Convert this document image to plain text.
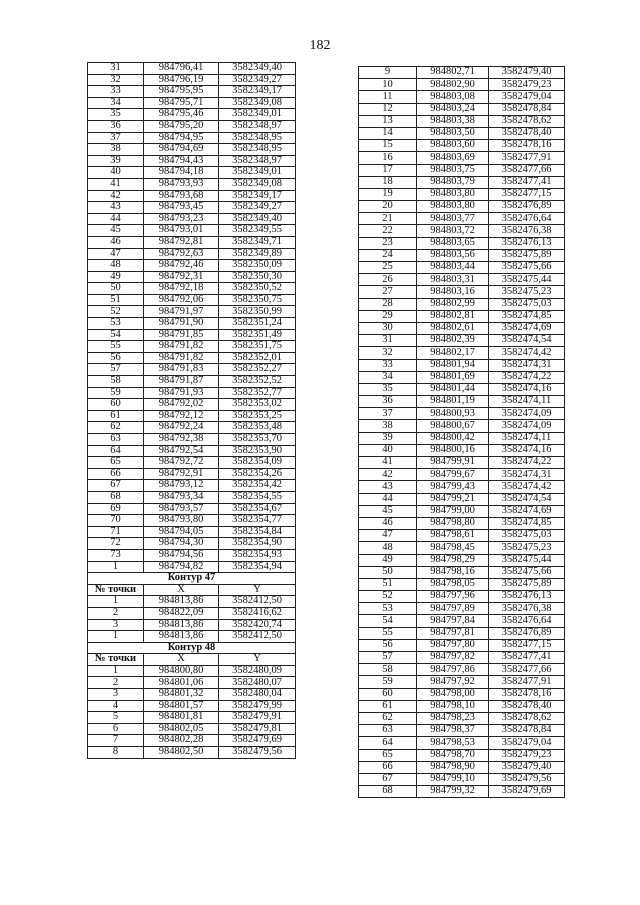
182
31	984796,41	3582349,40
32	984796,19	3582349,27
33	984795,95	3582349,17
34	984795,71	3582349,08
35	984795,46	3582349,01
36	984795,20	3582348,97
37	984794,95	3582348,95
38	984794,69	3582348,95
39	984794,43	3582348,97
40	984794,18	3582349,01
41	984793,93	3582349,08
42	984793,68	3582349,17
43	984793,45	3582349,27
44	984793,23	3582349,40
45	984793,01	3582349,55
46	984792,81	3582349,71
47	984792,63	3582349,89
48	984792,46	3582350,09
49	984792,31	3582350,30
50	984792,18	3582350,52
51	984792,06	3582350,75
52	984791,97	3582350,99
53	984791,90	3582351,24
54	984791,85	3582351,49
55	984791,82	3582351,75
56	984791,82	3582352,01
57	984791,83	3582352,27
58	984791,87	3582352,52
59	984791,93	3582352,77
60	984792,02	3582353,02
61	984792,12	3582353,25
62	984792,24	3582353,48
63	984792,38	3582353,70
64	984792,54	3582353,90
65	984792,72	3582354,09
66	984792,91	3582354,26
67	984793,12	3582354,42
68	984793,34	3582354,55
69	984793,57	3582354,67
70	984793,80	3582354,77
71	984794,05	3582354,84
72	984794,30	3582354,90
73	984794,56	3582354,93
1	984794,82	3582354,94
Контур 47		
№ точки	X	Y
1	984813,86	3582412,50
2	984822,09	3582416,62
3	984813,86	3582420,74
1	984813,86	3582412,50
Контур 48		
№ точки	X	Y
1	984800,80	3582480,09
2	984801,06	3582480,07
3	984801,32	3582480,04
4	984801,57	3582479,99
5	984801,81	3582479,91
6	984802,05	3582479,81
7	984802,28	3582479,69
8	984802,50	3582479,56
9	984802,71	3582479,40
10	984802,90	3582479,23
11	984803,08	3582479,04
12	984803,24	3582478,84
13	984803,38	3582478,62
14	984803,50	3582478,40
15	984803,60	3582478,16
16	984803,69	3582477,91
17	984803,75	3582477,66
18	984803,79	3582477,41
19	984803,80	3582477,15
20	984803,80	3582476,89
21	984803,77	3582476,64
22	984803,72	3582476,38
23	984803,65	3582476,13
24	984803,56	3582475,89
25	984803,44	3582475,66
26	984803,31	3582475,44
27	984803,16	3582475,23
28	984802,99	3582475,03
29	984802,81	3582474,85
30	984802,61	3582474,69
31	984802,39	3582474,54
32	984802,17	3582474,42
33	984801,94	3582474,31
34	984801,69	3582474,22
35	984801,44	3582474,16
36	984801,19	3582474,11
37	984800,93	3582474,09
38	984800,67	3582474,09
39	984800,42	3582474,11
40	984800,16	3582474,16
41	984799,91	3582474,22
42	984799,67	3582474,31
43	984799,43	3582474,42
44	984799,21	3582474,54
45	984799,00	3582474,69
46	984798,80	3582474,85
47	984798,61	3582475,03
48	984798,45	3582475,23
49	984798,29	3582475,44
50	984798,16	3582475,66
51	984798,05	3582475,89
52	984797,96	3582476,13
53	984797,89	3582476,38
54	984797,84	3582476,64
55	984797,81	3582476,89
56	984797,80	3582477,15
57	984797,82	3582477,41
58	984797,86	3582477,66
59	984797,92	3582477,91
60	984798,00	3582478,16
61	984798,10	3582478,40
62	984798,23	3582478,62
63	984798,37	3582478,84
64	984798,53	3582479,04
65	984798,70	3582479,23
66	984798,90	3582479,40
67	984799,10	3582479,56
68	984799,32	3582479,69
